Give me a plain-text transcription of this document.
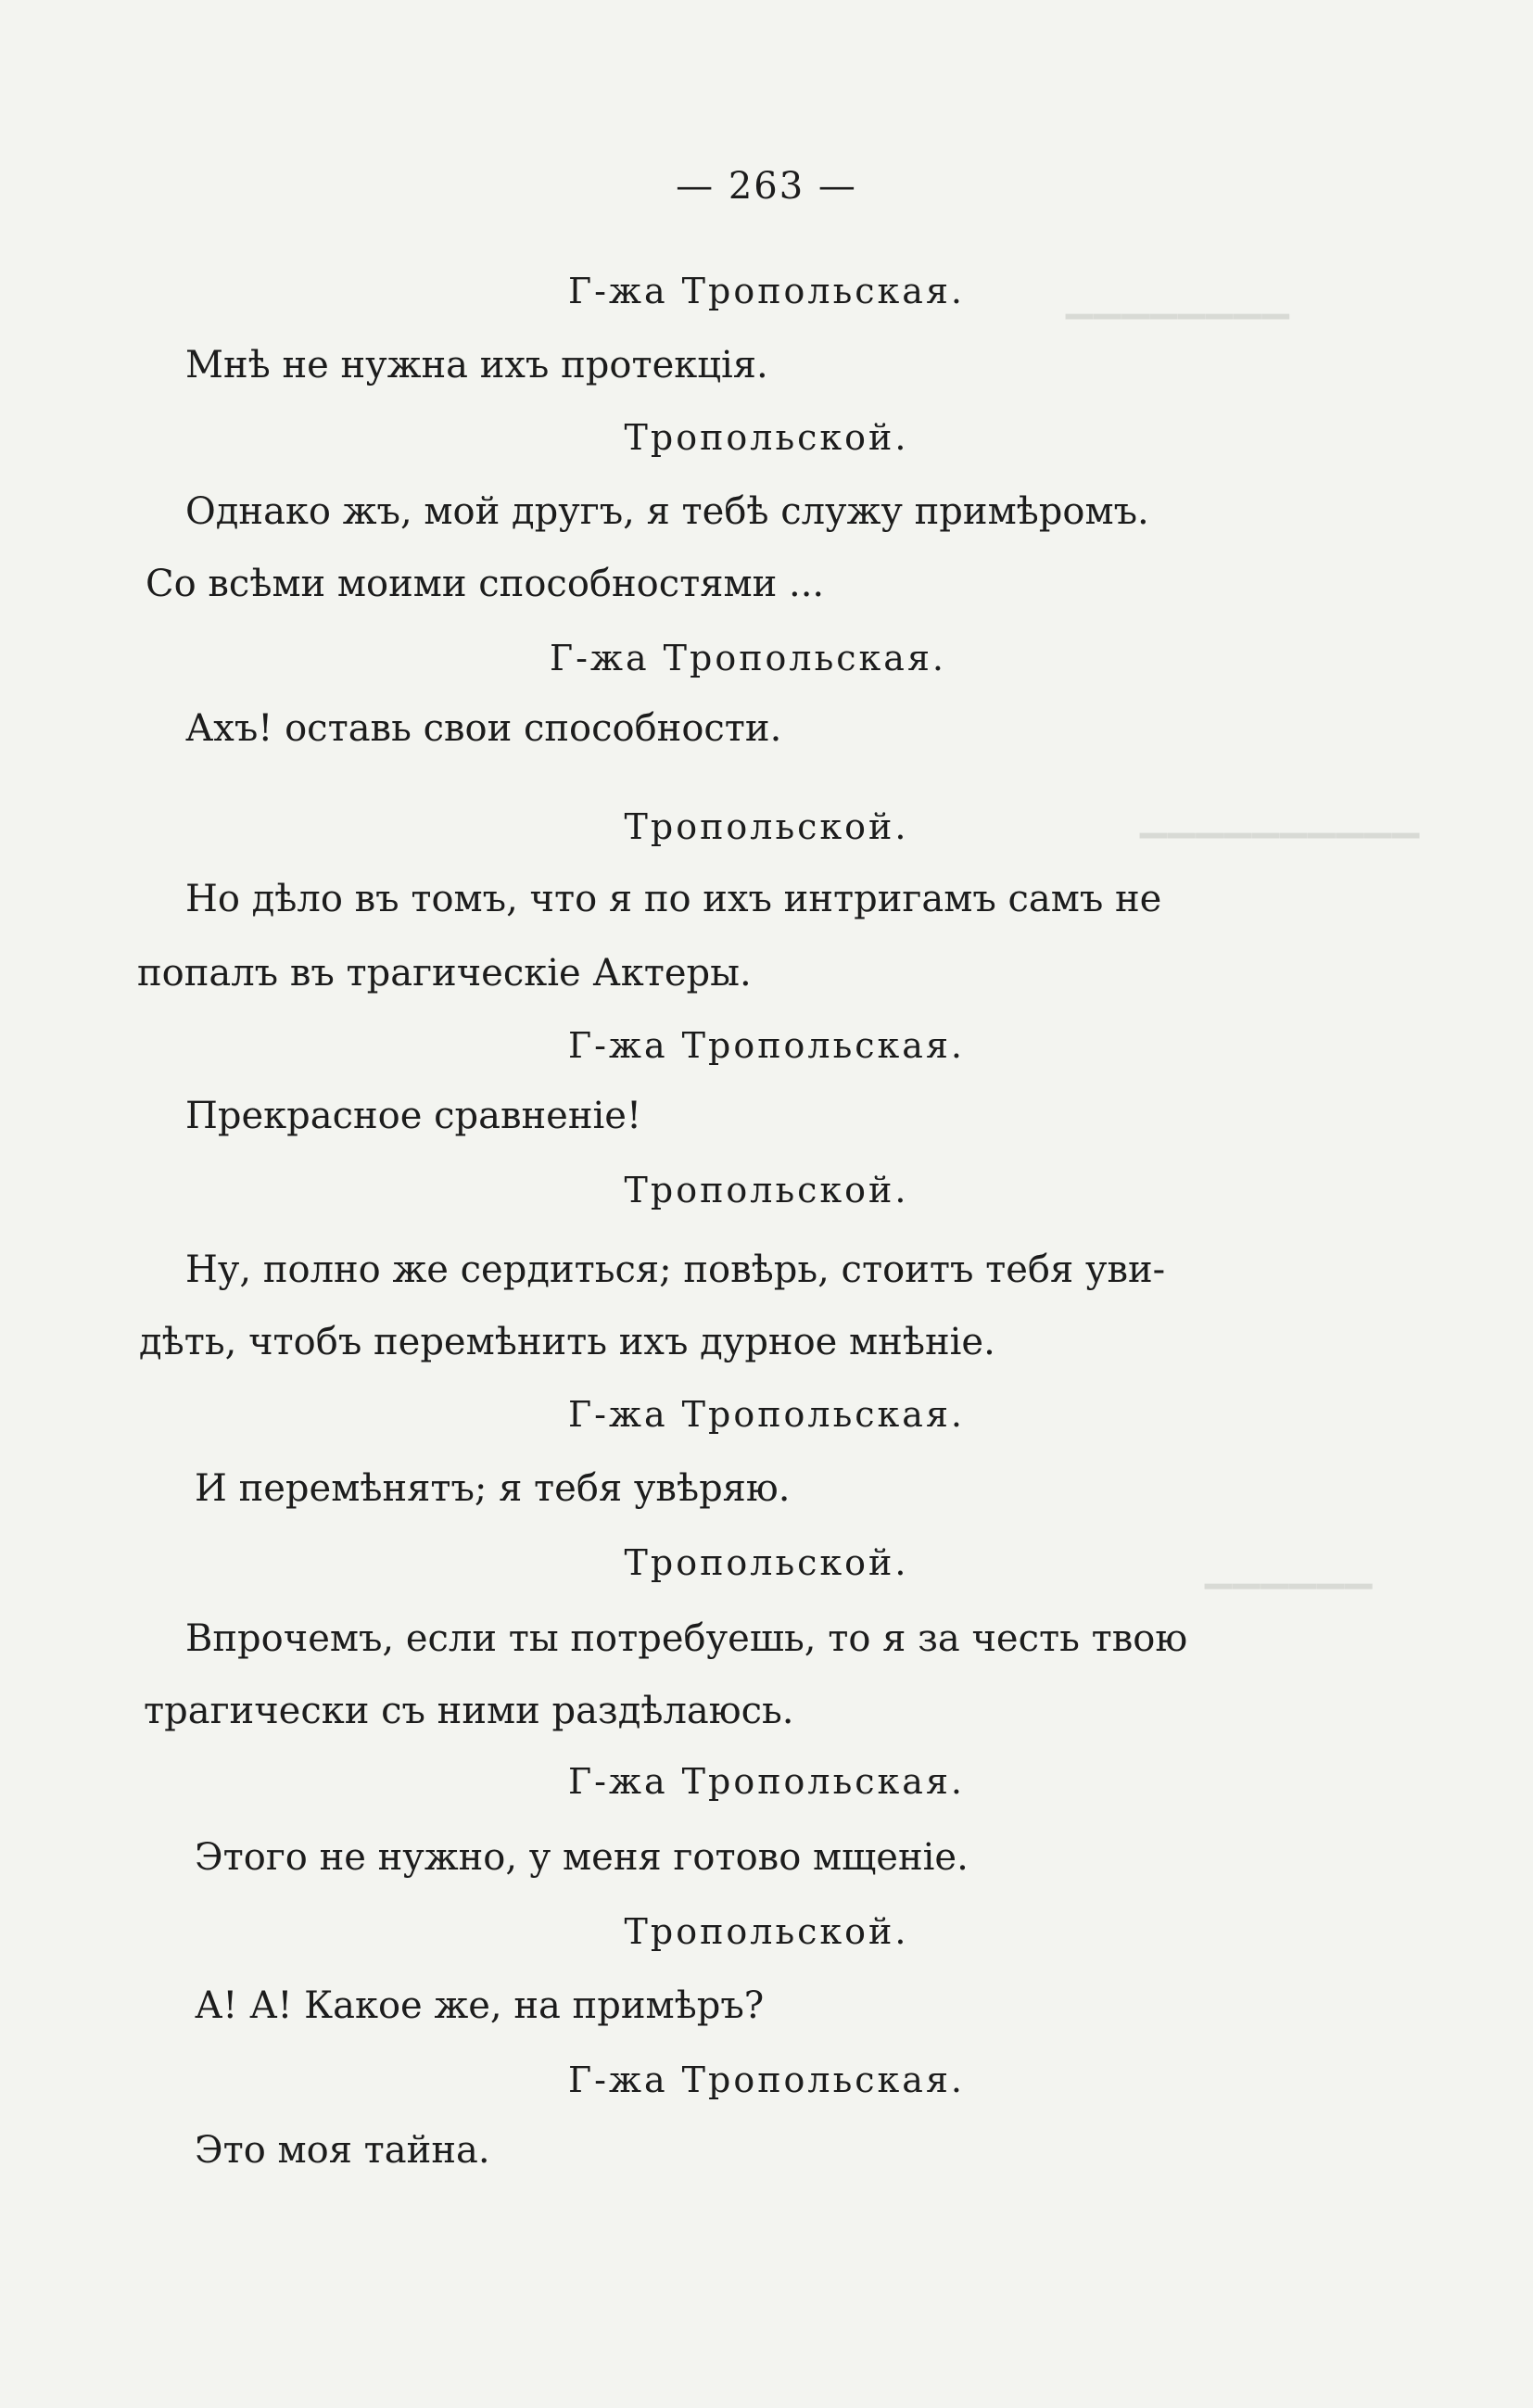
▁▁▁▁▁▁▁▁
▁▁▁▁▁▁▁▁▁▁
▁▁▁▁▁▁
— 263 —
Г-жа Тропольская.
Мнѣ не нужна ихъ протекція.
Тропольской.
Однако жъ, мой другъ, я тебѣ служу примѣромъ.
Со всѣми моими способностями ...
Г-жа Тропольская.
Ахъ! оставь свои способности.
Тропольской.
Но дѣло въ томъ, что я по ихъ интригамъ самъ не
попалъ въ трагическіе Актеры.
Г-жа Тропольская.
Прекрасное сравненіе!
Тропольской.
Ну, полно же сердиться; повѣрь, стоитъ тебя уви-
дѣть, чтобъ перемѣнить ихъ дурное мнѣніе.
Г-жа Тропольская.
И перемѣнятъ; я тебя увѣряю.
Тропольской.
Впрочемъ, если ты потребуешь, то я за честь твою
трагически съ ними раздѣлаюсь.
Г-жа Тропольская.
Этого не нужно, у меня готово мщеніе.
Тропольской.
А! А! Какое же, на примѣръ?
Г-жа Тропольская.
Это моя тайна.
